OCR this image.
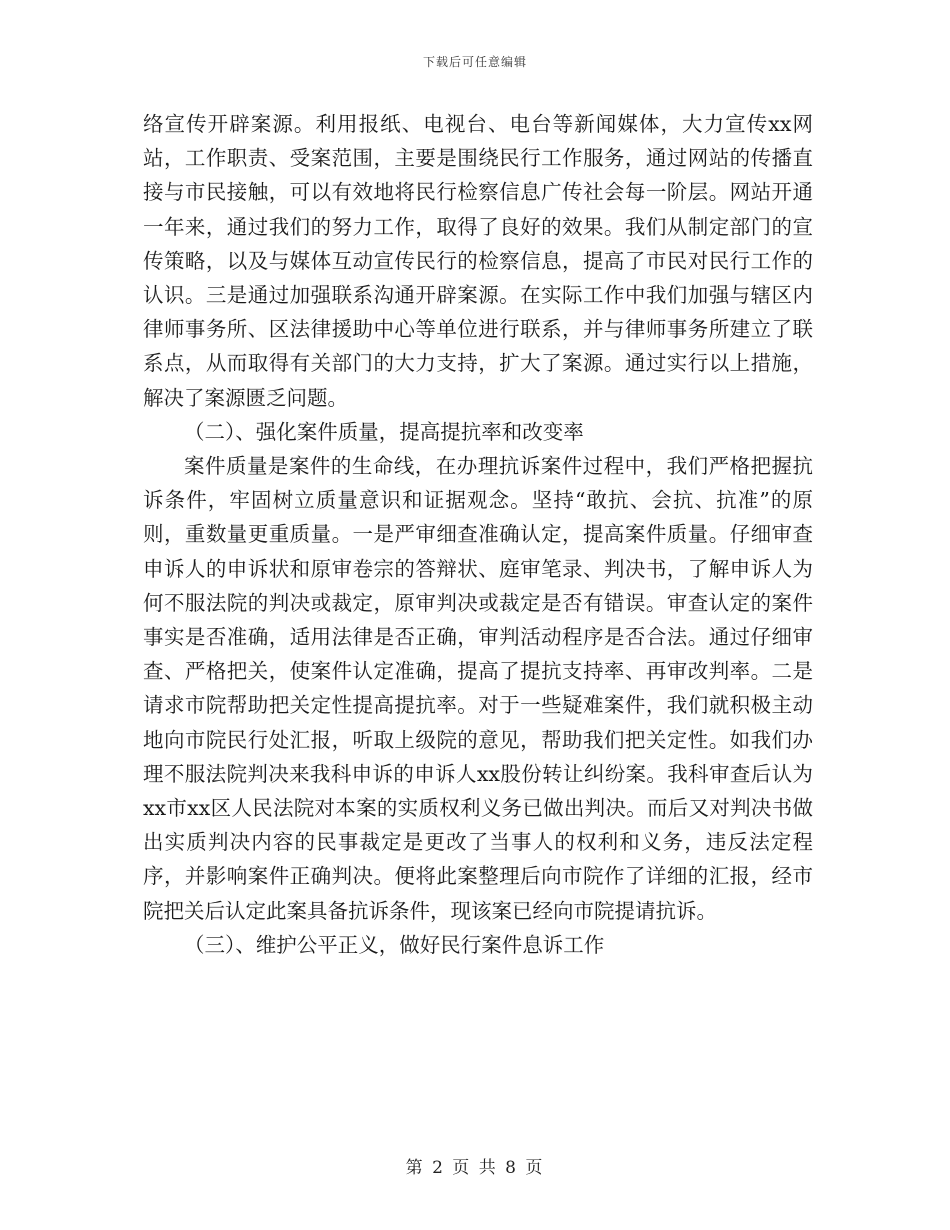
下载后可任意编辑

络宣传开辟案源。利用报纸、电视台、电台等新闻媒体，大力宣传xx网站，工作职责、受案范围，主要是围绕民行工作服务，通过网站的传播直接与市民接触，可以有效地将民行检察信息广传社会每一阶层。网站开通一年来，通过我们的努力工作，取得了良好的效果。我们从制定部门的宣传策略，以及与媒体互动宣传民行的检察信息，提高了市民对民行工作的认识。三是通过加强联系沟通开辟案源。在实际工作中我们加强与辖区内律师事务所、区法律援助中心等单位进行联系，并与律师事务所建立了联系点，从而取得有关部门的大力支持，扩大了案源。通过实行以上措施，解决了案源匮乏问题。

（二）、强化案件质量，提高提抗率和改变率

案件质量是案件的生命线，在办理抗诉案件过程中，我们严格把握抗诉条件，牢固树立质量意识和证据观念。坚持“敢抗、会抗、抗准”的原则，重数量更重质量。一是严审细查准确认定，提高案件质量。仔细审查申诉人的申诉状和原审卷宗的答辩状、庭审笔录、判决书，了解申诉人为何不服法院的判决或裁定，原审判决或裁定是否有错误。审查认定的案件事实是否准确，适用法律是否正确，审判活动程序是否合法。通过仔细审查、严格把关，使案件认定准确，提高了提抗支持率、再审改判率。二是请求市院帮助把关定性提高提抗率。对于一些疑难案件，我们就积极主动地向市院民行处汇报，听取上级院的意见，帮助我们把关定性。如我们办理不服法院判决来我科申诉的申诉人xx股份转让纠纷案。我科审查后认为xx市xx区人民法院对本案的实质权利义务已做出判决。而后又对判决书做出实质判决内容的民事裁定是更改了当事人的权利和义务，违反法定程序，并影响案件正确判决。便将此案整理后向市院作了详细的汇报，经市院把关后认定此案具备抗诉条件，现该案已经向市院提请抗诉。

（三）、维护公平正义，做好民行案件息诉工作

第 2 页 共 8 页
